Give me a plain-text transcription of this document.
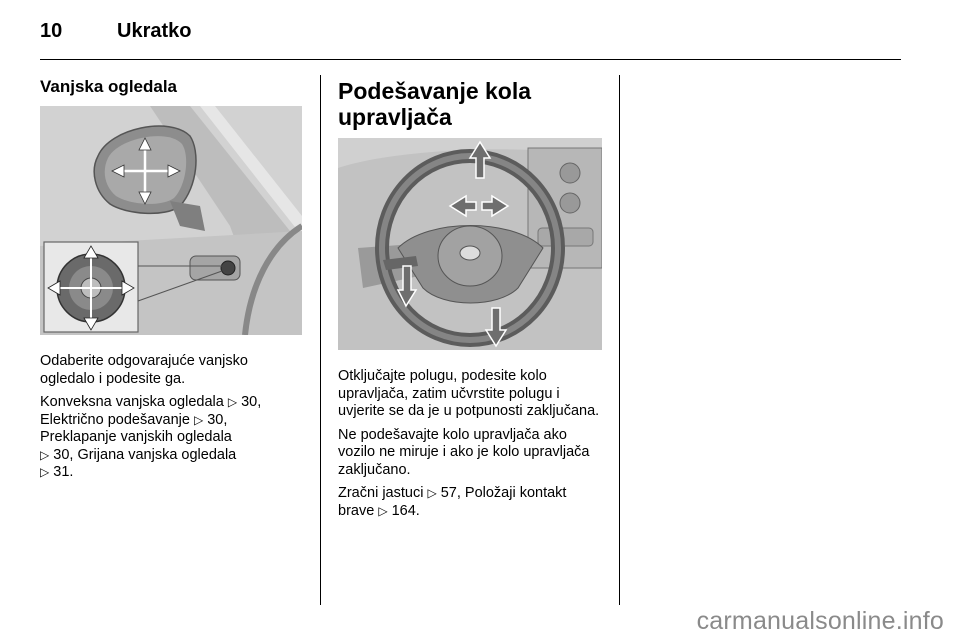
10	Ukratko
Vanjska ogledala
Odaberite odgovarajuće vanjsko ogledalo i podesite ga.
Konveksna vanjska ogledala ▷ 30,
Električno podešavanje ▷ 30,
Preklapanje vanjskih ogledala
▷ 30, Grijana vanjska ogledala
▷ 31.
Podešavanje kola
upravljača
Otključajte polugu, podesite kolo upravljača, zatim učvrstite polugu i uvjerite se da je u potpunosti zaključana.
Ne podešavajte kolo upravljača ako vozilo ne miruje i ako je kolo upravljača zaključano.
Zračni jastuci ▷ 57, Položaji kontakt brave ▷ 164.
carmanualsonline.info
